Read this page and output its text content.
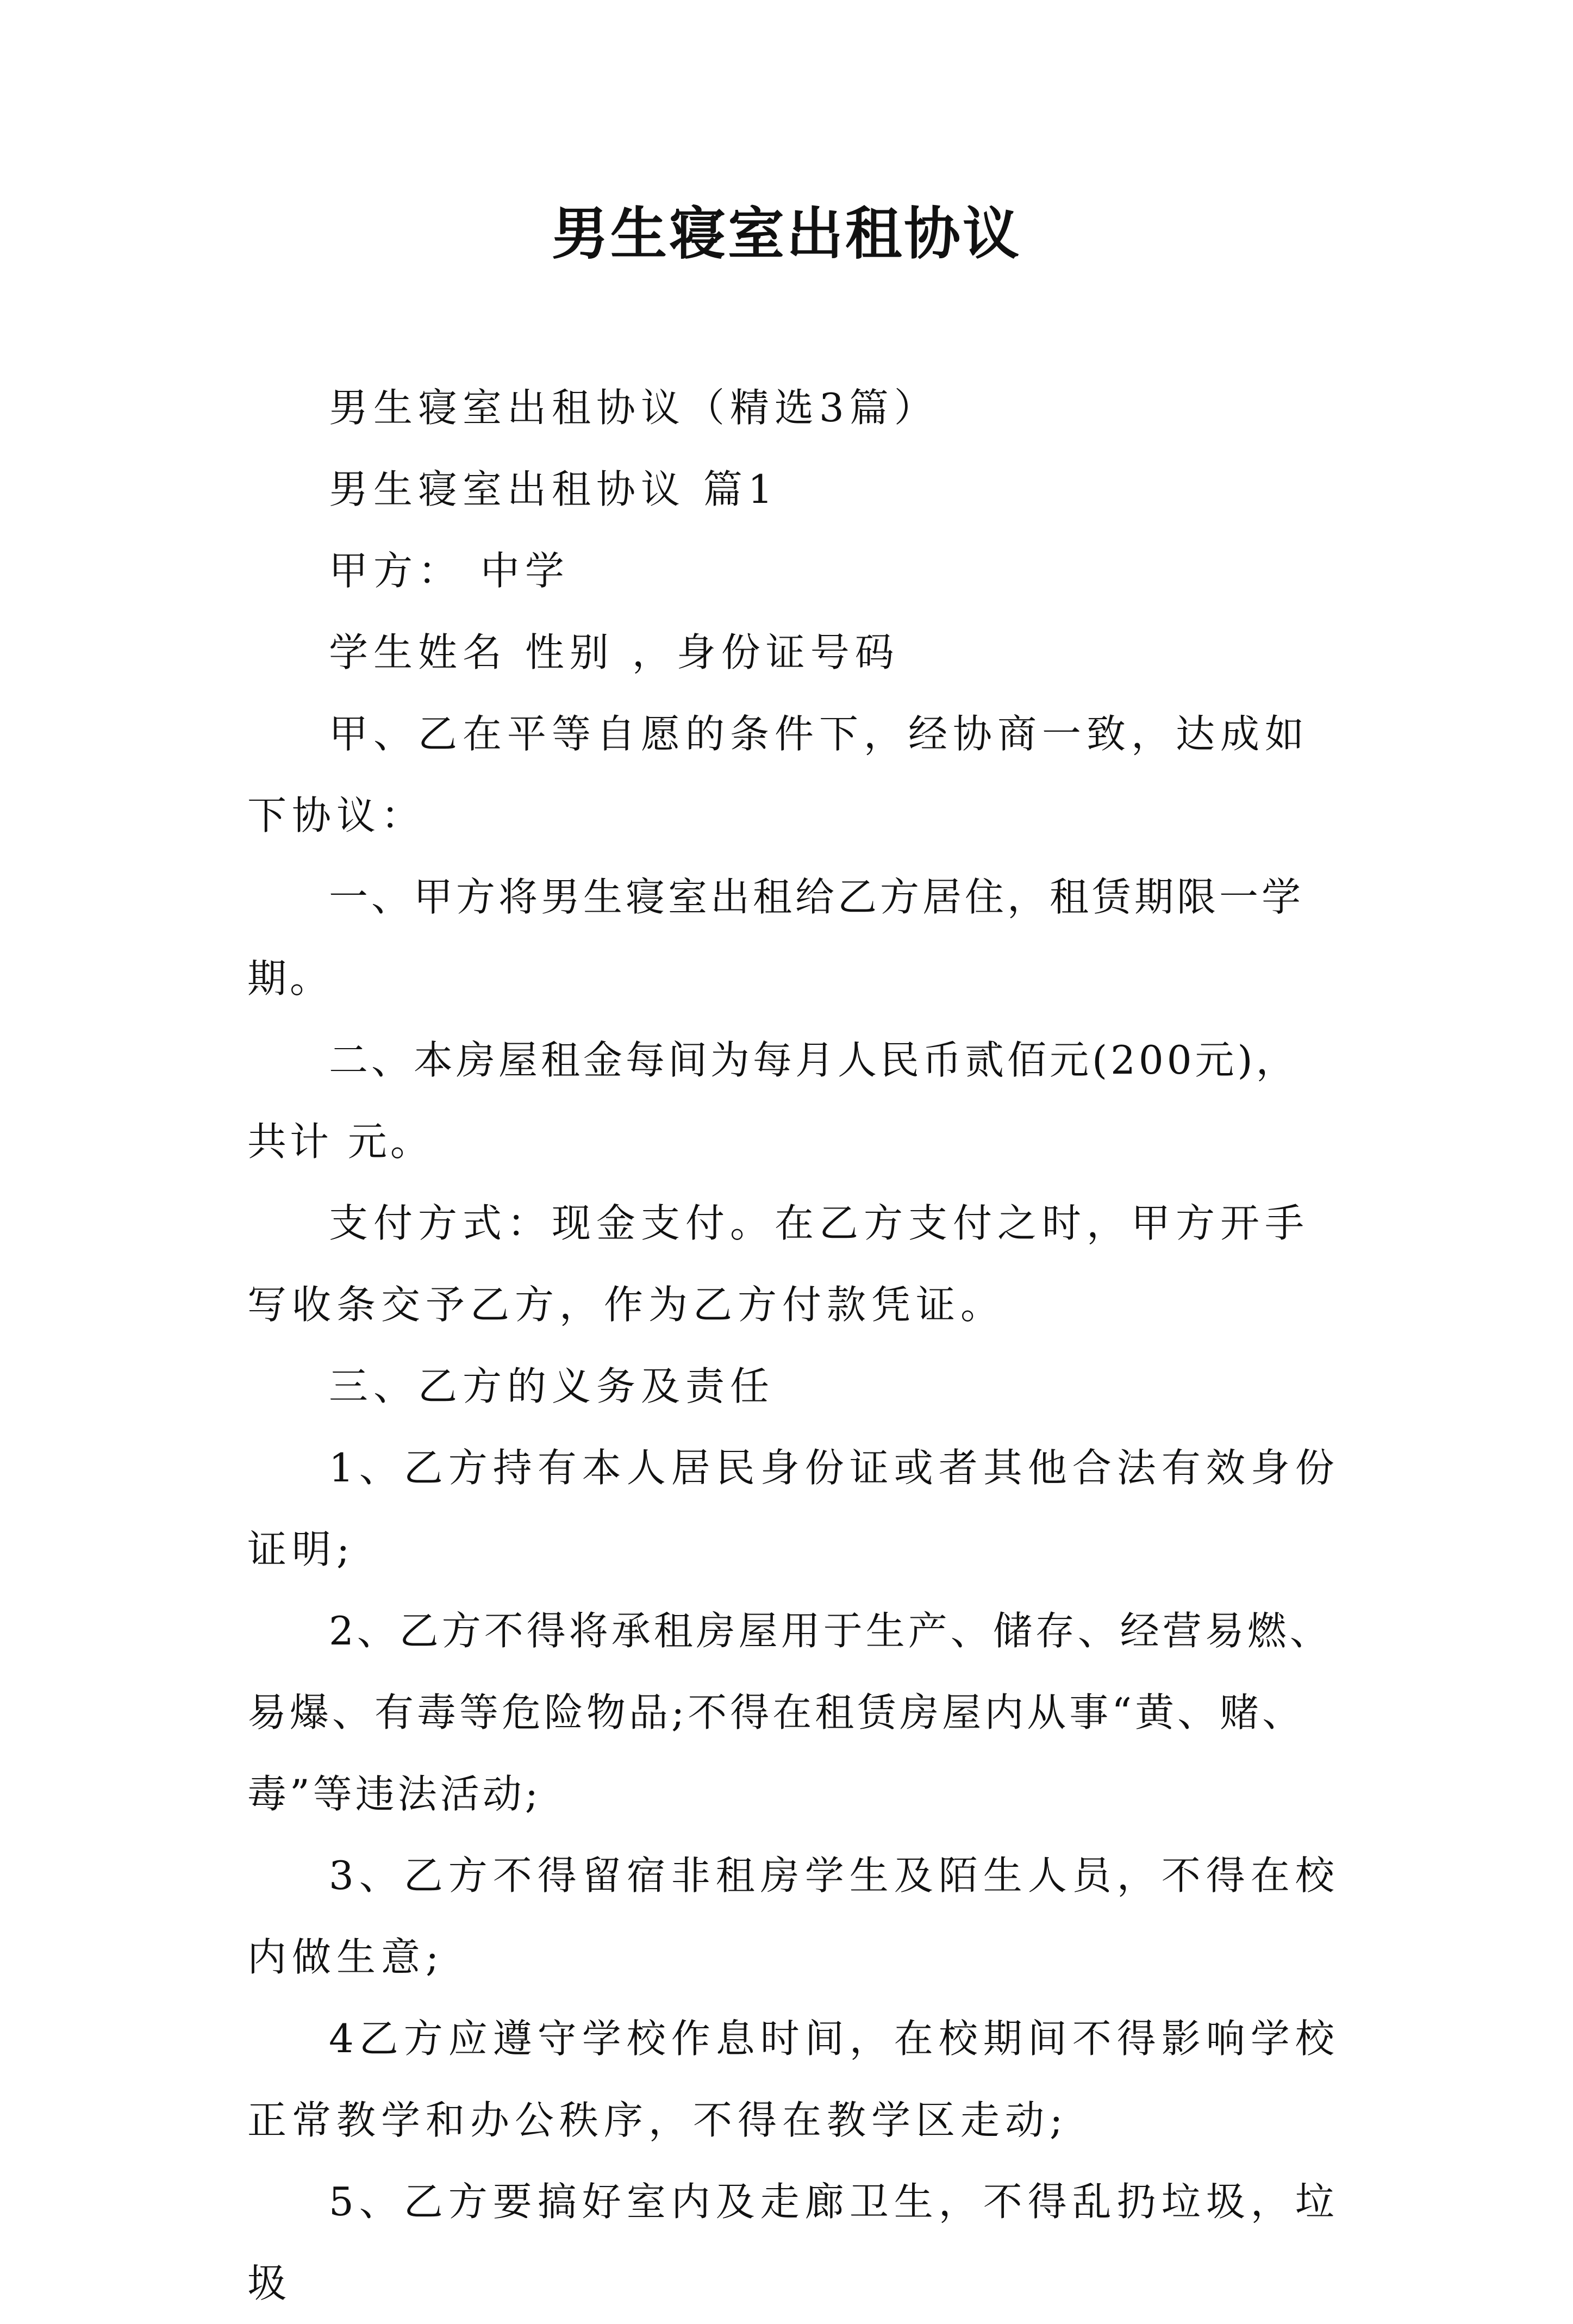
男生寝室出租协议

男生寝室出租协议（精选3篇）

男生寝室出租协议 篇1

甲方： 中学

学生姓名 性别 ，身份证号码

甲、乙在平等自愿的条件下，经协商一致，达成如下协议：

一、甲方将男生寝室出租给乙方居住，租赁期限一学期。

二、本房屋租金每间为每月人民币贰佰元(200元)，共计 元。

支付方式：现金支付。在乙方支付之时，甲方开手写收条交予乙方，作为乙方付款凭证。

三、乙方的义务及责任

1、乙方持有本人居民身份证或者其他合法有效身份证明;

2、乙方不得将承租房屋用于生产、储存、经营易燃、易爆、有毒等危险物品;不得在租赁房屋内从事“黄、赌、毒”等违法活动;

3、乙方不得留宿非租房学生及陌生人员，不得在校内做生意;

4乙方应遵守学校作息时间，在校期间不得影响学校正常教学和办公秩序，不得在教学区走动;

5、乙方要搞好室内及走廊卫生，不得乱扔垃圾，垃圾
